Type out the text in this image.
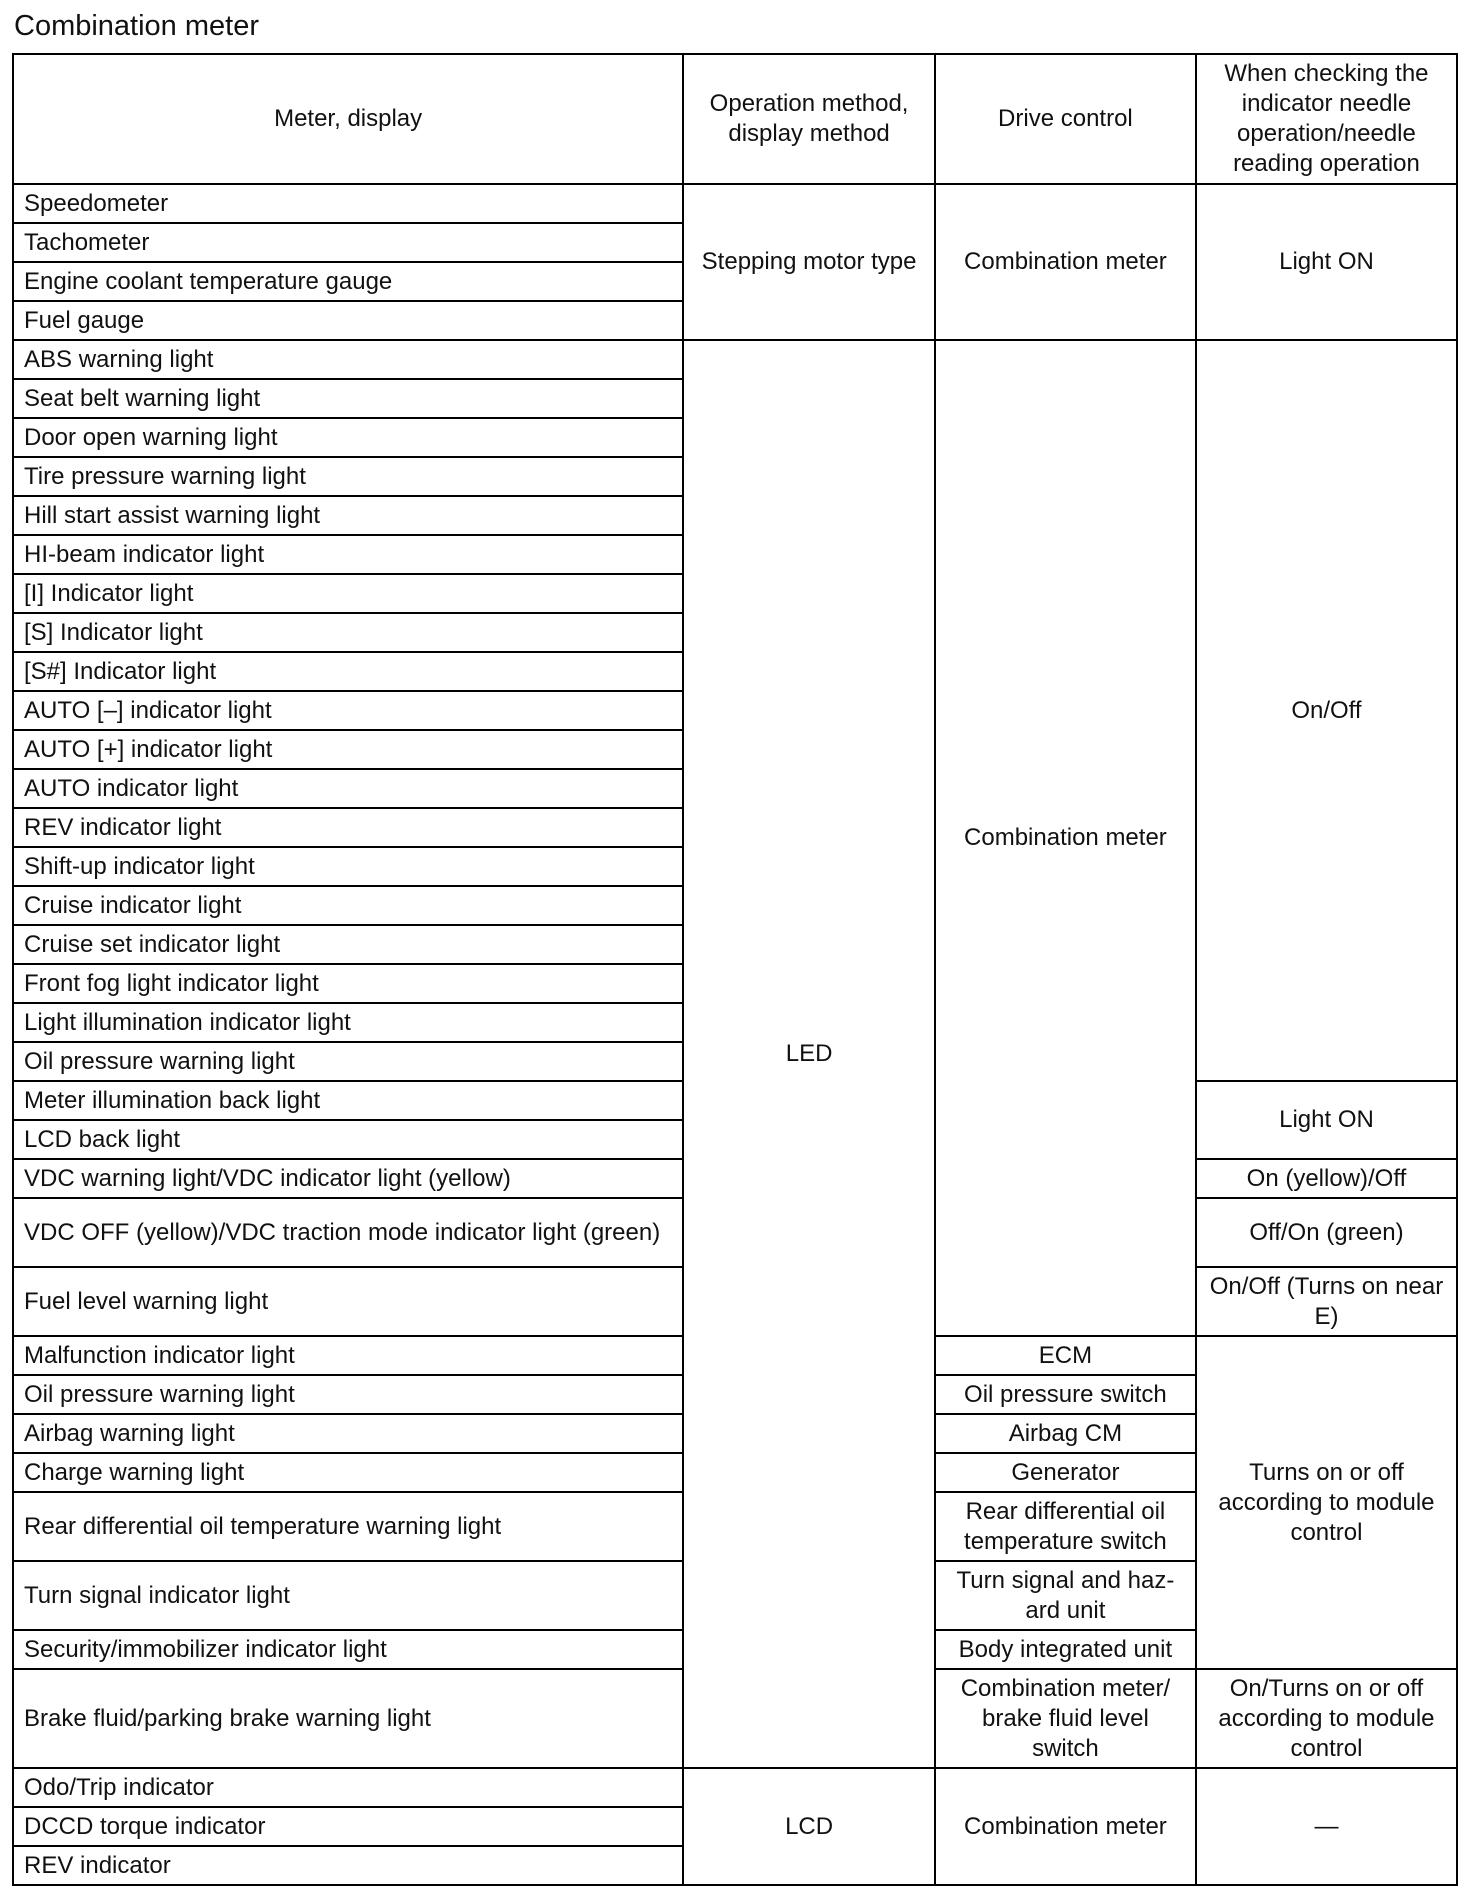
Combination meter
Meter, display	Operation method, display method	Drive control	When checking the indicator needle operation/needle reading operation
Speedometer	Stepping motor type	Combination meter	Light ON
Tachometer			
Engine coolant temperature gauge			
Fuel gauge			
ABS warning light	LED	Combination meter	On/Off
Seat belt warning light			
Door open warning light			
Tire pressure warning light			
Hill start assist warning light			
HI-beam indicator light			
[I] Indicator light			
[S] Indicator light			
[S#] Indicator light			
AUTO [–] indicator light			
AUTO [+] indicator light			
AUTO indicator light			
REV indicator light			
Shift-up indicator light			
Cruise indicator light			
Cruise set indicator light			
Front fog light indicator light			
Light illumination indicator light			
Oil pressure warning light			
Meter illumination back light			Light ON
LCD back light			
VDC warning light/VDC indicator light (yellow)			On (yellow)/Off
VDC OFF (yellow)/VDC traction mode indicator light (green)			Off/On (green)
Fuel level warning light			On/Off (Turns on near E)
Malfunction indicator light		ECM	Turns on or off according to module control
Oil pressure warning light		Oil pressure switch	
Airbag warning light		Airbag CM	
Charge warning light		Generator	
Rear differential oil temperature warning light		Rear differential oil temperature switch	
Turn signal indicator light		Turn signal and haz-ard unit	
Security/immobilizer indicator light		Body integrated unit	
Brake fluid/parking brake warning light		Combination meter/ brake fluid level switch	On/Turns on or off according to module control
Odo/Trip indicator	LCD	Combination meter	—
DCCD torque indicator			
REV indicator			
